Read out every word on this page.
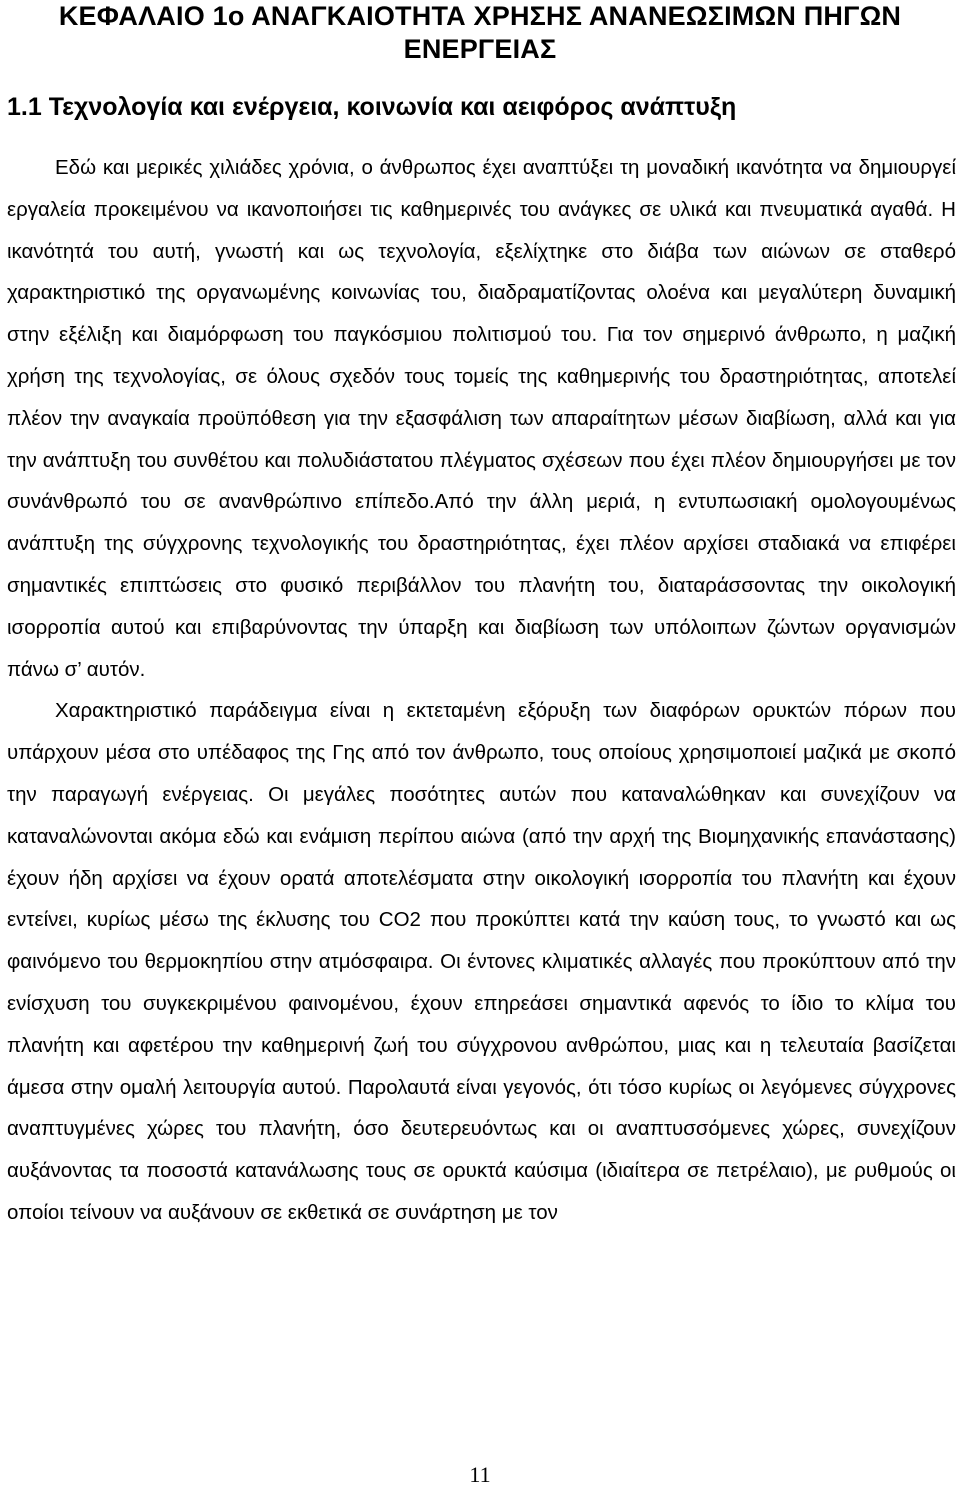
ΚΕΦΑΛΑΙΟ 1ο ΑΝΑΓΚΑΙΟΤΗΤΑ ΧΡΗΣΗΣ ΑΝΑΝΕΩΣΙΜΩΝ ΠΗΓΩΝ
ΕΝΕΡΓΕΙΑΣ
1.1 Τεχνολογία και ενέργεια, κοινωνία και αειφόρος ανάπτυξη

Εδώ και μερικές χιλιάδες χρόνια, ο άνθρωπος έχει αναπτύξει τη μοναδική ικανότητα να δημιουργεί εργαλεία προκειμένου να ικανοποιήσει τις καθημερινές του ανάγκες σε υλικά και πνευματικά αγαθά. Η ικανότητά του αυτή, γνωστή και ως τεχνολογία, εξελίχτηκε στο διάβα των αιώνων σε σταθερό χαρακτηριστικό της οργανωμένης κοινωνίας του, διαδραματίζοντας ολοένα και μεγαλύτερη δυναμική στην εξέλιξη και διαμόρφωση του παγκόσμιου πολιτισμού του. Για τον σημερινό άνθρωπο, η μαζική χρήση της τεχνολογίας, σε όλους σχεδόν τους τομείς της καθημερινής του δραστηριότητας, αποτελεί πλέον την αναγκαία προϋπόθεση για την εξασφάλιση των απαραίτητων μέσων διαβίωση, αλλά και για την ανάπτυξη του συνθέτου και πολυδιάστατου πλέγματος σχέσεων που έχει πλέον δημιουργήσει με τον συνάνθρωπό του σε ανανθρώπινο επίπεδο.Από την άλλη μεριά, η εντυπωσιακή ομολογουμένως ανάπτυξη της σύγχρονης τεχνολογικής του δραστηριότητας, έχει πλέον αρχίσει σταδιακά να επιφέρει σημαντικές επιπτώσεις στο φυσικό περιβάλλον του πλανήτη του, διαταράσσοντας την οικολογική ισορροπία αυτού και επιβαρύνοντας την ύπαρξη και διαβίωση των υπόλοιπων ζώντων οργανισμών πάνω σ’ αυτόν.

Χαρακτηριστικό παράδειγμα είναι η εκτεταμένη εξόρυξη των διαφόρων ορυκτών πόρων που υπάρχουν μέσα στο υπέδαφος της Γης από τον άνθρωπο, τους οποίους χρησιμοποιεί μαζικά με σκοπό την παραγωγή ενέργειας. Οι μεγάλες ποσότητες αυτών που καταναλώθηκαν και συνεχίζουν να καταναλώνονται ακόμα εδώ και ενάμιση περίπου αιώνα (από την αρχή της Βιομηχανικής επανάστασης) έχουν ήδη αρχίσει να έχουν ορατά αποτελέσματα στην οικολογική ισορροπία του πλανήτη και έχουν εντείνει, κυρίως μέσω της έκλυσης του CO2 που προκύπτει κατά την καύση τους, το γνωστό και ως φαινόμενο του θερμοκηπίου στην ατμόσφαιρα. Οι έντονες κλιματικές αλλαγές που προκύπτουν από την ενίσχυση του συγκεκριμένου φαινομένου, έχουν επηρεάσει σημαντικά αφενός το ίδιο το κλίμα του πλανήτη και αφετέρου την καθημερινή ζωή του σύγχρονου ανθρώπου, μιας και η τελευταία βασίζεται άμεσα στην ομαλή λειτουργία αυτού. Παρολαυτά είναι γεγονός, ότι τόσο κυρίως οι λεγόμενες σύγχρονες αναπτυγμένες χώρες του πλανήτη, όσο δευτερευόντως και οι αναπτυσσόμενες χώρες, συνεχίζουν αυξάνοντας τα ποσοστά κατανάλωσης τους σε ορυκτά καύσιμα (ιδιαίτερα σε πετρέλαιο), με ρυθμούς οι οποίοι τείνουν να αυξάνουν σε εκθετικά σε συνάρτηση με τον

11
